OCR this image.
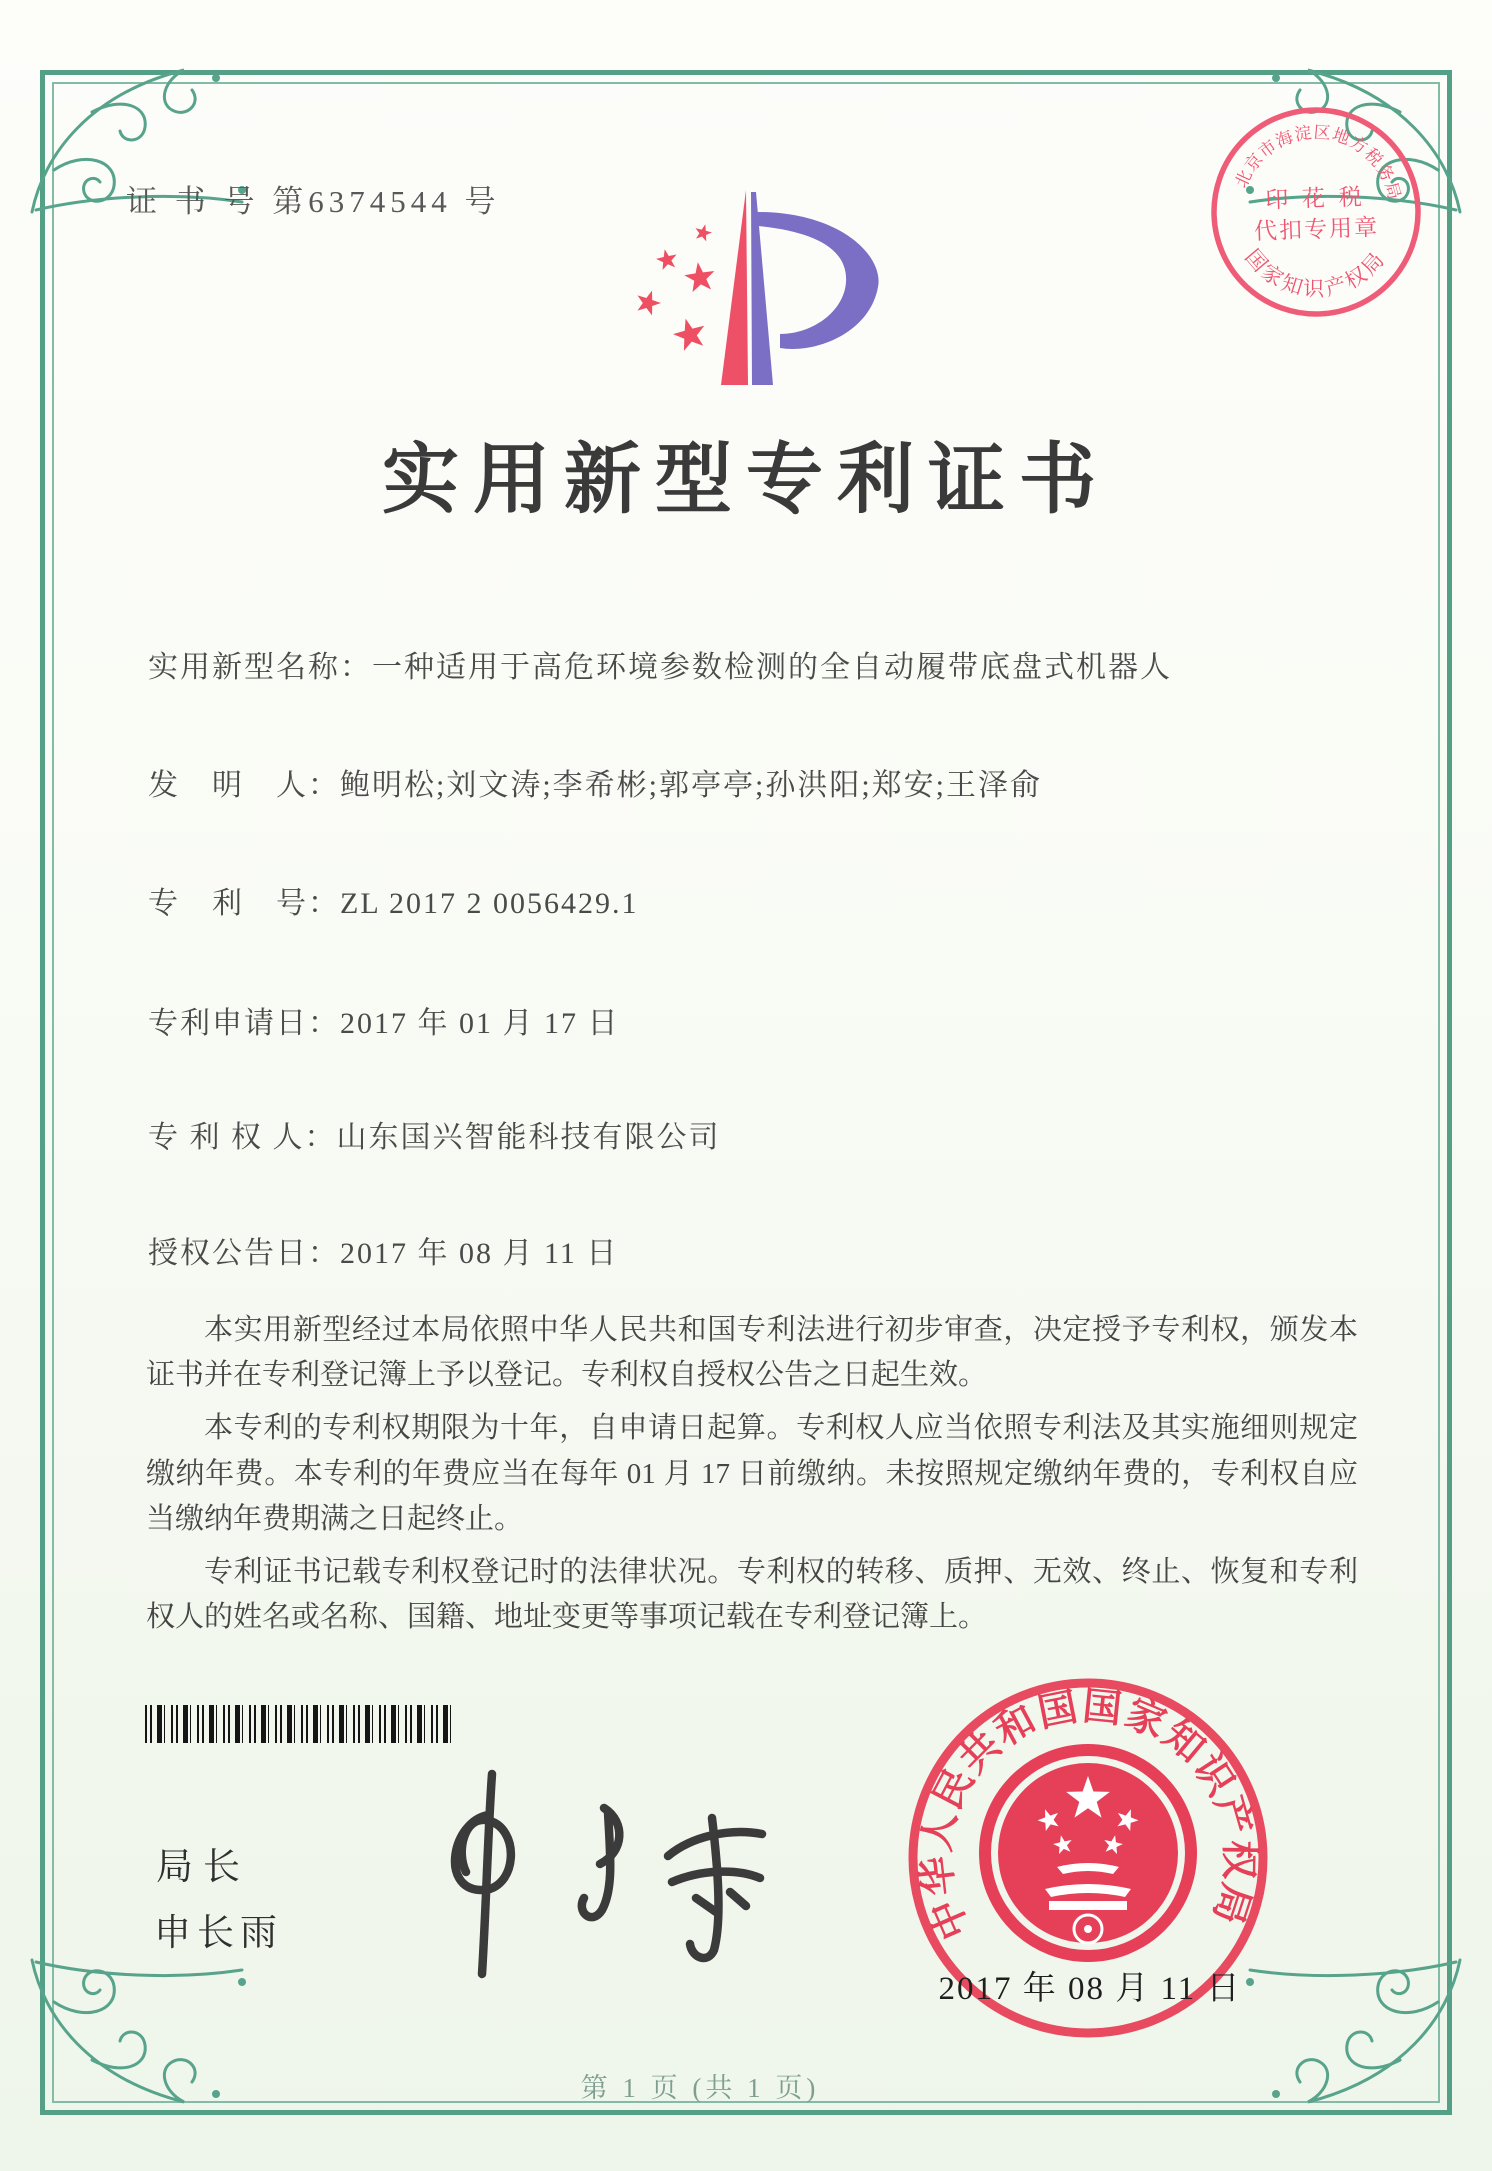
证 书 号 第6374544 号
北京市海淀区地方税务局
国家知识产权局
印 花 税
代扣专用章
实用新型专利证书
实用新型名称：一种适用于高危环境参数检测的全自动履带底盘式机器人
发　明　人：鲍明松;刘文涛;李希彬;郭亭亭;孙洪阳;郑安;王泽俞
专　利　号：ZL 2017 2 0056429.1
专利申请日：2017 年 01 月 17 日
专 利 权 人：山东国兴智能科技有限公司
授权公告日：2017 年 08 月 11 日

本实用新型经过本局依照中华人民共和国专利法进行初步审查，决定授予专利权，颁发本证书并在专利登记簿上予以登记。专利权自授权公告之日起生效。

本专利的专利权期限为十年，自申请日起算。专利权人应当依照专利法及其实施细则规定缴纳年费。本专利的年费应当在每年 01 月 17 日前缴纳。未按照规定缴纳年费的，专利权自应当缴纳年费期满之日起终止。

专利证书记载专利权登记时的法律状况。专利权的转移、质押、无效、终止、恢复和专利权人的姓名或名称、国籍、地址变更等事项记载在专利登记簿上。

局长
申长雨	中华人民共和国国家知识产权局
2017 年 08 月 11 日
第 1 页 (共 1 页)
